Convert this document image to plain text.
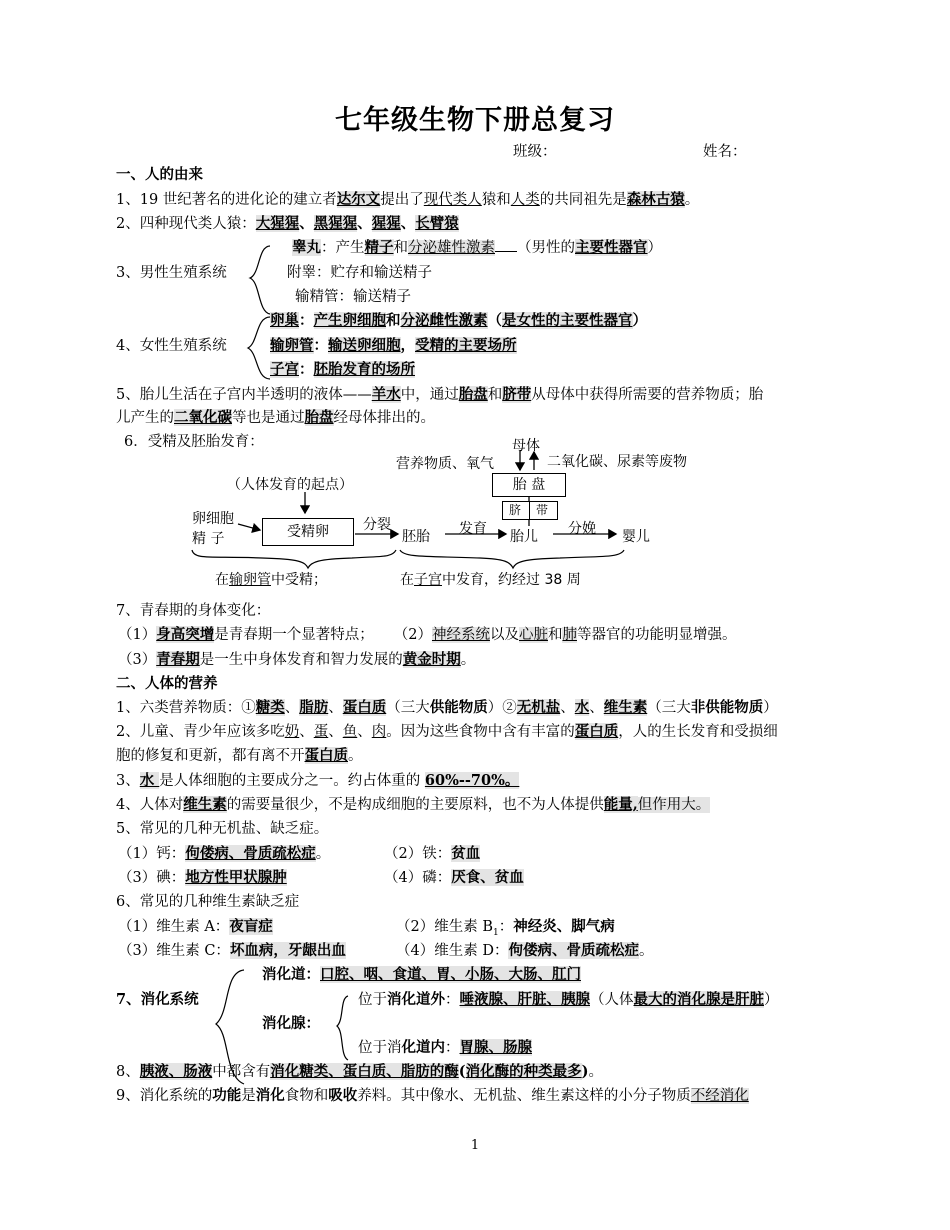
七年级生物下册总复习
班级：	姓名：
一、人的由来
1、19 世纪著名的进化论的建立者达尔文提出了现代类人猿和人类的共同祖先是森林古猿。
2、四种现代类人猿：大猩猩、黑猩猩、猩猩、长臂猿
3、男性生殖系统
睾丸：产生精子和分泌雄性激素 （男性的主要性器官）
附睾：贮存和输送精子
输精管：输送精子
4、女性生殖系统
卵巢：产生卵细胞和分泌雌性激素（是女性的主要性器官）
输卵管：输送卵细胞，受精的主要场所
子宫：胚胎发育的场所
5、胎儿生活在子宫内半透明的液体——羊水中，通过胎盘和脐带从母体中获得所需要的营养物质；胎
儿产生的二氧化碳等也是通过胎盘经母体排出的。
6．受精及胚胎发育：	母体
营养物质、氧气	二氧化碳、尿素等废物
胎 盘
脐 带
（人体发育的起点）
卵细胞
精 子	受精卵	分裂
胚胎 发育 胎儿 分娩 婴儿
在输卵管中受精；	在子宫中发育，约经过 38 周
7、青春期的身体变化：
（1）身高突增是青春期一个显著特点； （2）神经系统以及心脏和肺等器官的功能明显增强。
（3）青春期是一生中身体发育和智力发展的黄金时期。
二、人体的营养
1、六类营养物质：①糖类、脂肪、蛋白质（三大供能物质）②无机盐、水、维生素（三大非供能物质）
2、儿童、青少年应该多吃奶、蛋、鱼、肉。因为这些食物中含有丰富的蛋白质，人的生长发育和受损细
胞的修复和更新，都有离不开蛋白质。
3、水 是人体细胞的主要成分之一。约占体重的 60%--70%。
4、人体对维生素的需要量很少，不是构成细胞的主要原料，也不为人体提供能量,但作用大。
5、常见的几种无机盐、缺乏症。
（1）钙：佝偻病、骨质疏松症。	（2）铁：贫血
（3）碘：地方性甲状腺肿	（4）磷：厌食、贫血
6、常见的几种维生素缺乏症
（1）维生素 A：夜盲症	（2）维生素 $B_1$：神经炎、脚气病
（3）维生素 C：坏血病，牙龈出血	（4）维生素 D：佝偻病、骨质疏松症。
7、消化系统
消化道：口腔、咽、食道、胃、小肠、大肠、肛门
消化腺：
位于消化道外：唾液腺、肝脏、胰腺（人体最大的消化腺是肝脏）
位于消化道内：胃腺、肠腺
8、胰液、肠液中都含有消化糖类、蛋白质、脂肪的酶(消化酶的种类最多)。
9、消化系统的功能是消化食物和吸收养料。其中像水、无机盐、维生素这样的小分子物质不经消化
1
